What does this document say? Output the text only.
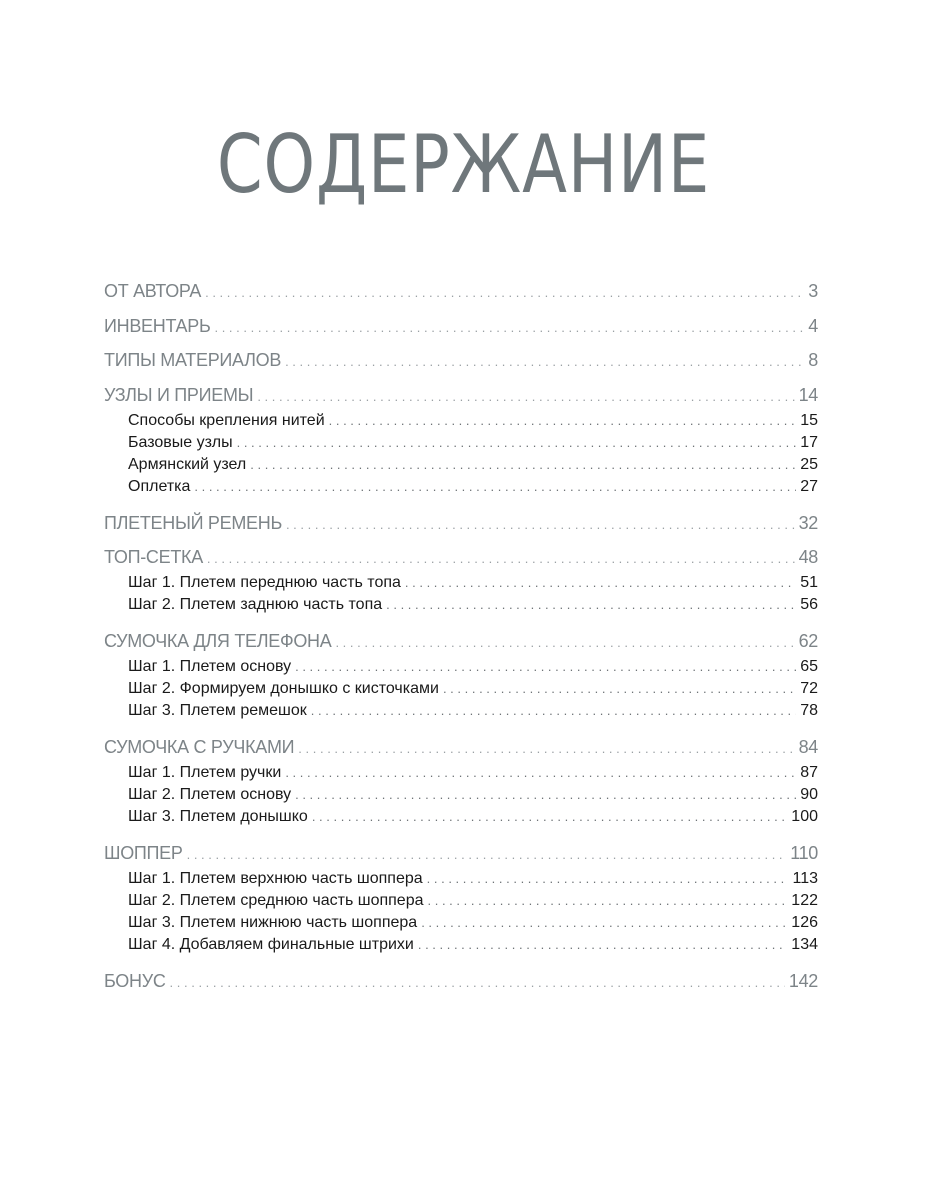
СОДЕРЖАНИЕ
ОТ АВТОРА . . .	3
ИНВЕНТАРЬ . . .	4
ТИПЫ МАТЕРИАЛОВ . . .	8
УЗЛЫ И ПРИЕМЫ . . .	14
Способы крепления нитей . . .	15
Базовые узлы . . .	17
Армянский узел . . .	25
Оплетка . . .	27
ПЛЕТЕНЫЙ РЕМЕНЬ . . .	32
ТОП-СЕТКА . . .	48
Шаг 1. Плетем переднюю часть топа . . .	51
Шаг 2. Плетем заднюю часть топа . . .	56
СУМОЧКА ДЛЯ ТЕЛЕФОНА . . .	62
Шаг 1. Плетем основу . . .	65
Шаг 2. Формируем донышко с кисточками . . .	72
Шаг 3. Плетем ремешок . . .	78
СУМОЧКА С РУЧКАМИ . . .	84
Шаг 1. Плетем ручки . . .	87
Шаг 2. Плетем основу . . .	90
Шаг 3. Плетем донышко . . .	100
ШОППЕР . . .	110
Шаг 1. Плетем верхнюю часть шоппера . . .	113
Шаг 2. Плетем среднюю часть шоппера . . .	122
Шаг 3. Плетем нижнюю часть шоппера . . .	126
Шаг 4. Добавляем финальные штрихи . . .	134
БОНУС . . .	142
